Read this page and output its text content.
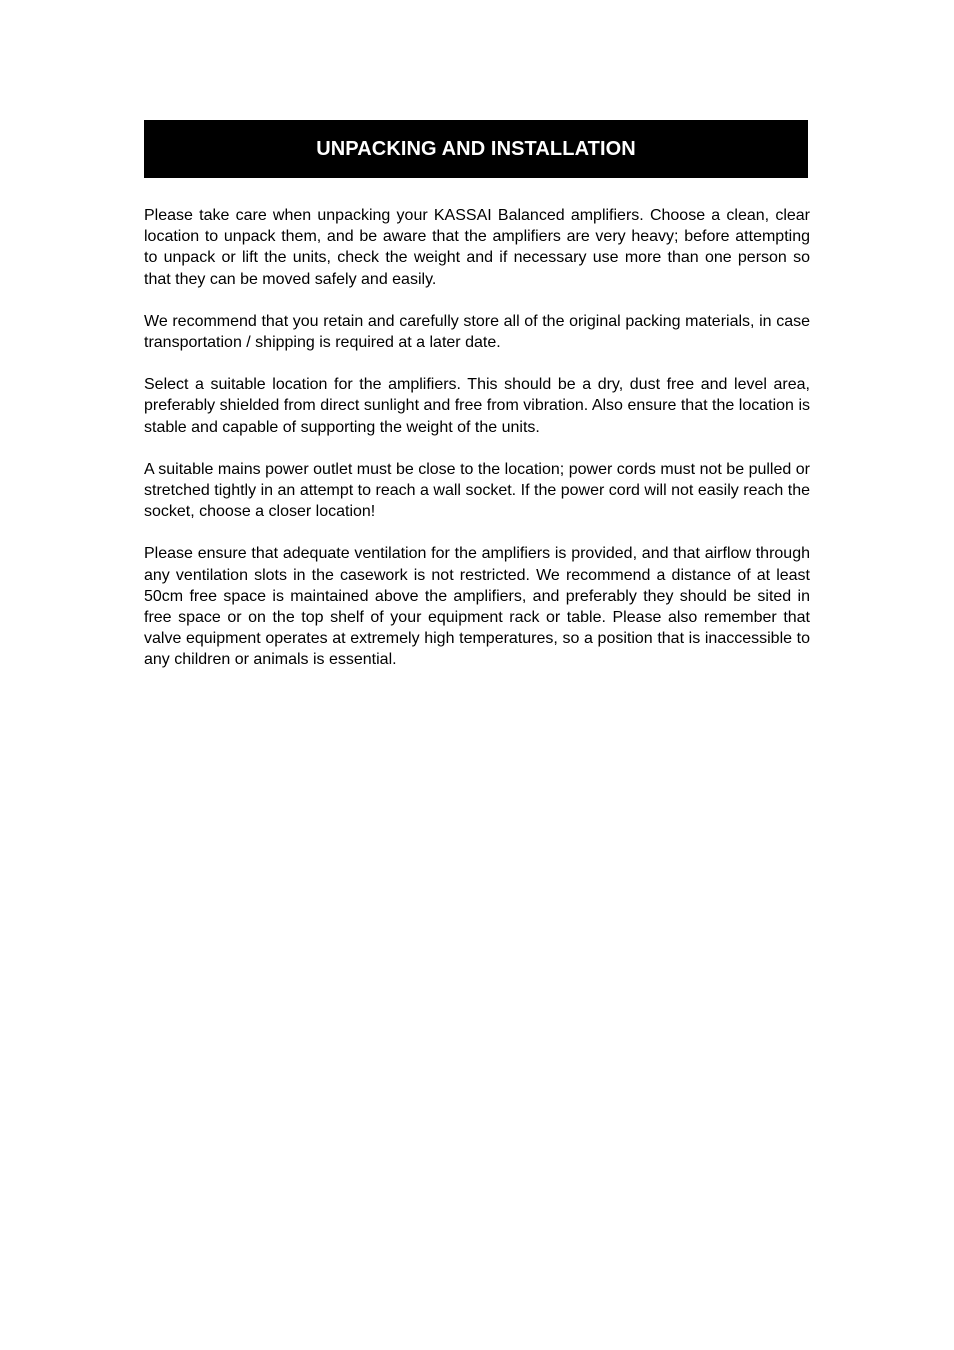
UNPACKING AND INSTALLATION

Please take care when unpacking your KASSAI Balanced amplifiers. Choose a clean, clear location to unpack them, and be aware that the amplifiers are very heavy; before attempting to unpack or lift the units, check the weight and if necessary use more than one person so that they can be moved safely and easily.

We recommend that you retain and carefully store all of the original packing materials, in case transportation / shipping is required at a later date.

Select a suitable location for the amplifiers. This should be a dry, dust free and level area, preferably shielded from direct sunlight and free from vibration. Also ensure that the location is stable and capable of supporting the weight of the units.

A suitable mains power outlet must be close to the location; power cords must not be pulled or stretched tightly in an attempt to reach a wall socket. If the power cord will not easily reach the socket, choose a closer location!

Please ensure that adequate ventilation for the amplifiers is provided, and that airflow through any ventilation slots in the casework is not restricted. We recommend a distance of at least 50cm free space is maintained above the amplifiers, and preferably they should be sited in free space or on the top shelf of your equipment rack or table. Please also remember that valve equipment operates at extremely high temperatures, so a position that is inaccessible to any children or animals is essential.
